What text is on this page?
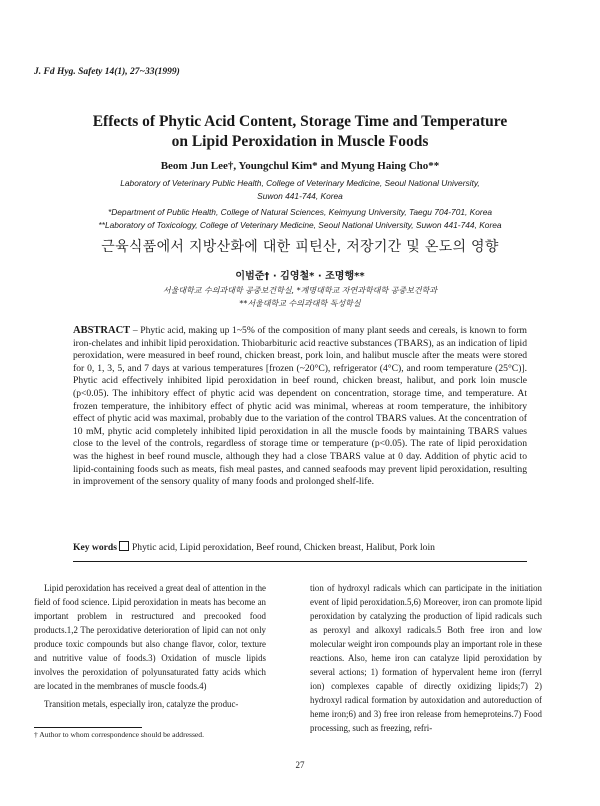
J. Fd Hyg. Safety 14(1), 27~33(1999)
Effects of Phytic Acid Content, Storage Time and Temperature
on Lipid Peroxidation in Muscle Foods
Beom Jun Lee†, Youngchul Kim* and Myung Haing Cho**
Laboratory of Veterinary Public Health, College of Veterinary Medicine, Seoul National University,
Suwon 441-744, Korea
*Department of Public Health, College of Natural Sciences, Keimyung University, Taegu 704-701, Korea
**Laboratory of Toxicology, College of Veterinary Medicine, Seoul National University, Suwon 441-744, Korea
근육식품에서 지방산화에 대한 피틴산, 저장기간 및 온도의 영향
이범준† · 김영철* · 조명행**
서울대학교 수의과대학 공중보건학실, *계명대학교 자연과학대학 공중보건학과
**서울대학교 수의과대학 독성학실
ABSTRACT – Phytic acid, making up 1~5% of the composition of many plant seeds and cereals, is known to form iron-chelates and inhibit lipid peroxidation. Thiobarbituric acid reactive substances (TBARS), as an indication of lipid peroxidation, were measured in beef round, chicken breast, pork loin, and halibut muscle after the meats were stored for 0, 1, 3, 5, and 7 days at various temperatures [frozen (~20°C), refrigerator (4°C), and room temperature (25°C)]. Phytic acid effectively inhibited lipid peroxidation in beef round, chicken breast, halibut, and pork loin muscle (p<0.05). The inhibitory effect of phytic acid was dependent on concentration, storage time, and temperature. At frozen temperature, the inhibitory effect of phytic acid was minimal, whereas at room temperature, the inhibitory effect of phytic acid was maximal, probably due to the variation of the control TBARS values. At the concentration of 10 mM, phytic acid completely inhibited lipid peroxidation in all the muscle foods by maintaining TBARS values close to the level of the controls, regardless of storage time or temperature (p<0.05). The rate of lipid peroxidation was the highest in beef round muscle, although they had a close TBARS value at 0 day. Addition of phytic acid to lipid-containing foods such as meats, fish meal pastes, and canned seafoods may prevent lipid peroxidation, resulting in improvement of the sensory quality of many foods and prolonged shelf-life.
Key words Phytic acid, Lipid peroxidation, Beef round, Chicken breast, Halibut, Pork loin

Lipid peroxidation has received a great deal of attention in the field of food science. Lipid peroxidation in meats has become an important problem in restructured and precooked food products.1,2 The peroxidative deterioration of lipid can not only produce toxic compounds but also change flavor, color, texture and nutritive value of foods.3) Oxidation of muscle lipids involves the peroxidation of polyunsaturated fatty acids which are located in the membranes of muscle foods.4)

Transition metals, especially iron, catalyze the produc-

tion of hydroxyl radicals which can participate in the initiation event of lipid peroxidation.5,6) Moreover, iron can promote lipid peroxidation by catalyzing the production of lipid radicals such as peroxyl and alkoxyl radicals.5 Both free iron and low molecular weight iron compounds play an important role in these reactions. Also, heme iron can catalyze lipid peroxidation by several actions; 1) formation of hypervalent heme iron (ferryl ion) complexes capable of directly oxidizing lipids;7) 2) hydroxyl radical formation by autoxidation and autoreduction of heme iron;6) and 3) free iron release from hemeproteins.7) Food processing, such as freezing, refri-

† Author to whom correspondence should be addressed.
27
